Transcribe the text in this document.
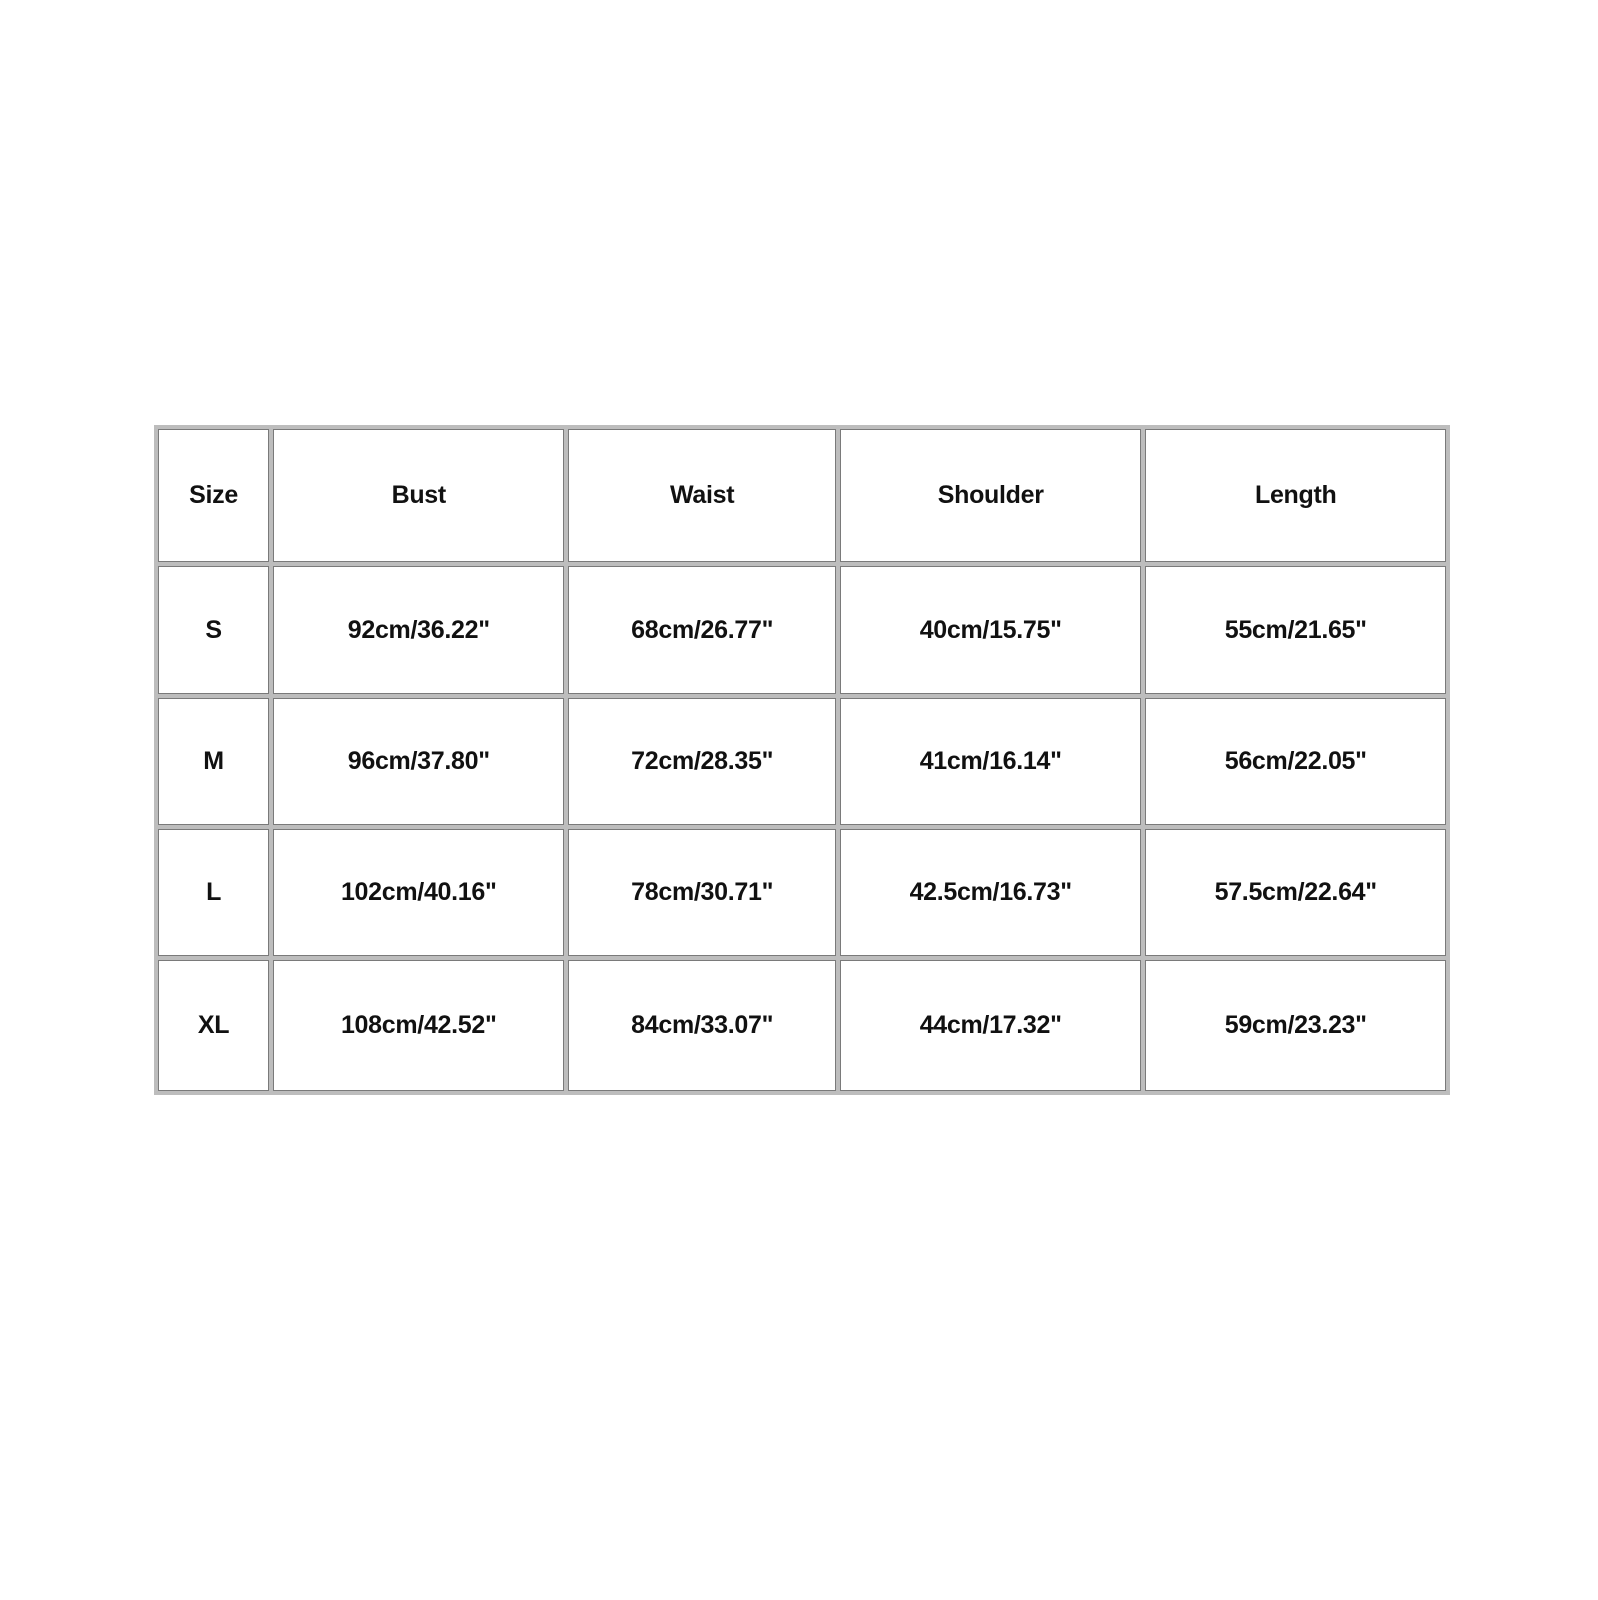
Size	Bust	Waist	Shoulder	Length
S	92cm/36.22"	68cm/26.77"	40cm/15.75"	55cm/21.65"
M	96cm/37.80"	72cm/28.35"	41cm/16.14"	56cm/22.05"
L	102cm/40.16"	78cm/30.71"	42.5cm/16.73"	57.5cm/22.64"
XL	108cm/42.52"	84cm/33.07"	44cm/17.32"	59cm/23.23"
